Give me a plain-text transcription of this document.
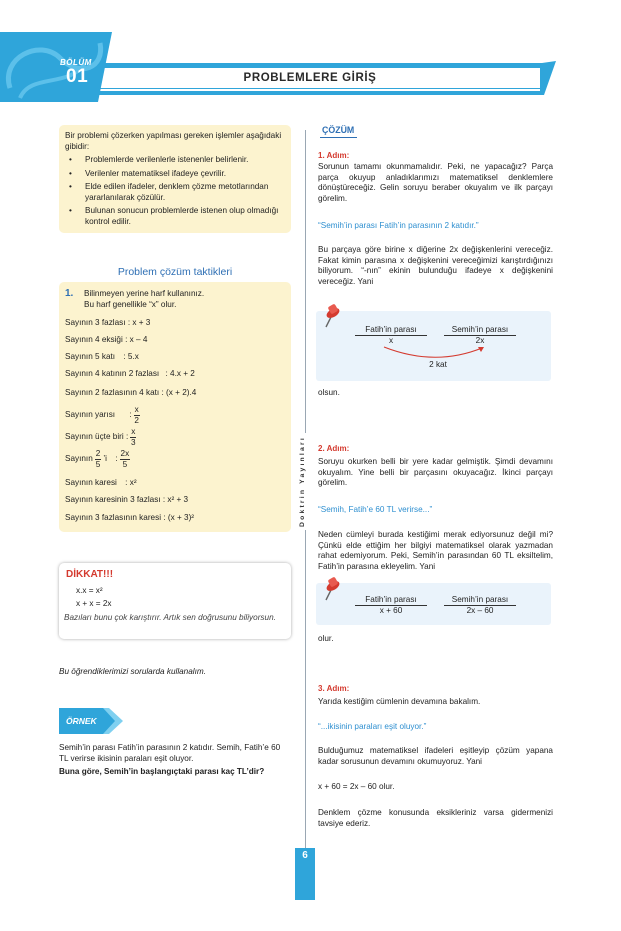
BÖLÜM
01	PROBLEMLERE GİRİŞ
Bir problemi çözerken yapılması gereken işlemler aşağıdaki gibidir:
• Problemlerde verilenlerle istenenler belirlenir.
• Verilenler matematiksel ifadeye çevrilir.
• Elde edilen ifadeler, denklem çözme metotlarından yararlanılarak çözülür.
• Bulunan sonucun problemlerde istenen olup olmadığı kontrol edilir.
Problem çözüm taktikleri
1. Bilinmeyen yerine harf kullanınız.
Bu harf genellikle “x” olur.
Sayının 3 fazlası : x + 3
Sayının 4 eksiği : x – 4
Sayının 5 katı : 5.x
Sayının 4 katının 2 fazlası : 4.x + 2
Sayının 2 fazlasının 4 katı : (x + 2).4
Sayının yarısı : $\frac{x}{2}$
Sayının üçte biri : $\frac{x}{3}$
Sayının $\frac{2}{5}$ ’i : $\frac{2x}{5}$
Sayının karesi : x²
Sayının karesinin 3 fazlası : x² + 3
Sayının 3 fazlasının karesi : (x + 3)²
DİKKAT!!!
x.x = x²
x + x = 2x
Bazıları bunu çok karıştırır. Artık sen doğrusunu biliyorsun.
Bu öğrendiklerimizi sorularda kullanalım.
ÖRNEK
Semih’in parası Fatih’in parasının 2 katıdır. Semih, Fatih’e 60 TL verirse ikisinin paraları eşit oluyor.
Buna göre, Semih’in başlangıçtaki parası kaç TL’dir?
Doktrin Yayınları
ÇÖZÜM
1. Adım:
Sorunun tamamı okunmamalıdır. Peki, ne yapacağız? Parça parça okuyup anladıklarımızı matematiksel denklemlere dönüştüreceğiz. Gelin soruyu beraber okuyalım ve ilk parçayı görelim.
“Semih’in parası Fatih’in parasının 2 katıdır.”
Bu parçaya göre birine x diğerine 2x değişkenlerini vereceğiz. Fakat kimin parasına x değişkenini vereceğimizi karıştırdığınızı biliyorum. “-nın” ekinin bulunduğu ifadeye x değişkenini vereceğiz. Yani
Fatih’in parası
x
Semih’in parası
2x
2 kat
olsun.
2. Adım:
Soruyu okurken belli bir yere kadar gelmiştik. Şimdi devamını okuyalım. Yine belli bir parçasını okuyacağız. İkinci parçayı görelim.
“Semih, Fatih’e 60 TL verirse...”
Neden cümleyi burada kestiğimi merak ediyorsunuz değil mi? Çünkü elde ettiğim her bilgiyi matematiksel olarak yazmadan rahat edemiyorum. Peki, Semih’in parasından 60 TL eksiltelim, Fatih’in parasına ekleyelim. Yani
Fatih’in parası
x + 60
Semih’in parası
2x – 60
olur.
3. Adım:
Yarıda kestiğim cümlenin devamına bakalım.
“...ikisinin paraları eşit oluyor.”
Bulduğumuz matematiksel ifadeleri eşitleyip çözüm yapana kadar sorusunun devamını okumuyoruz. Yani
x + 60 = 2x – 60 olur.
Denklem çözme konusunda eksikleriniz varsa gidermenizi tavsiye ederiz.
6
